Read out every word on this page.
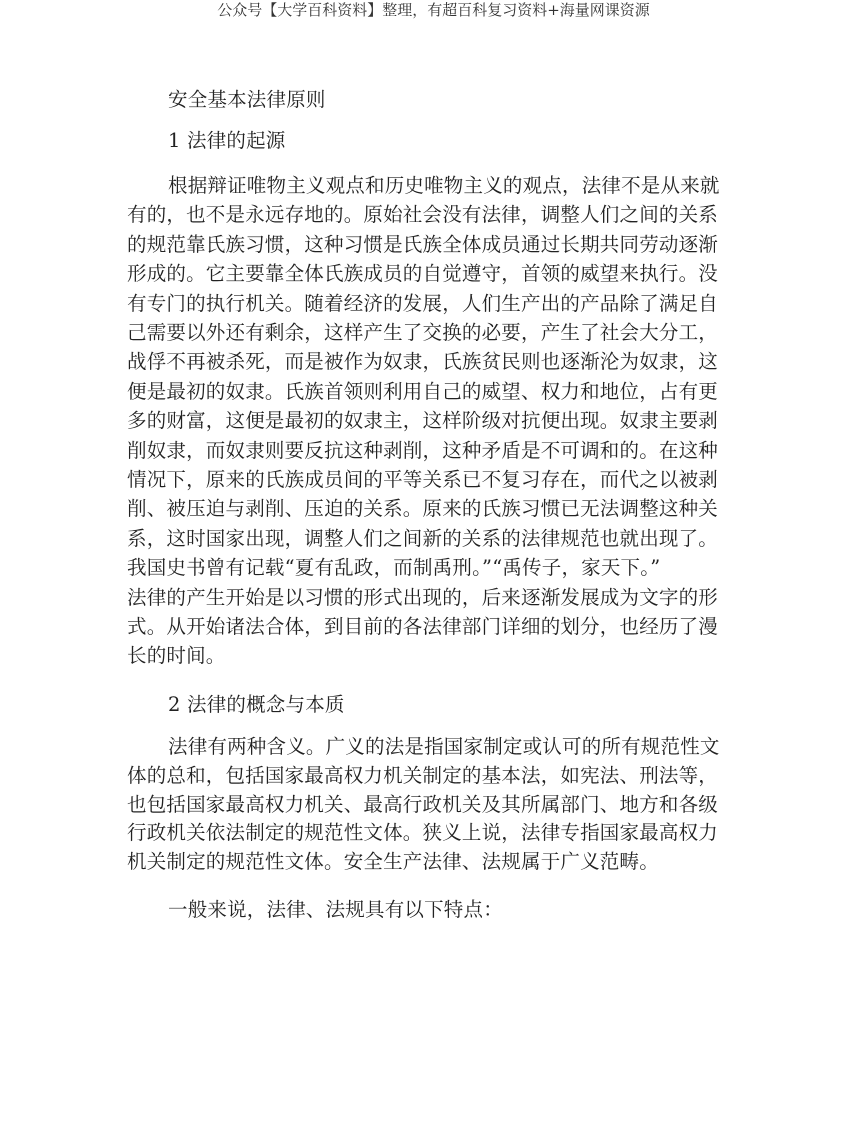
公众号【大学百科资料】整理，有超百科复习资料+海量网课资源
安全基本法律原则
1 法律的起源
根据辩证唯物主义观点和历史唯物主义的观点，法律不是从来就
有的，也不是永远存地的。原始社会没有法律，调整人们之间的关系
的规范靠氏族习惯，这种习惯是氏族全体成员通过长期共同劳动逐渐
形成的。它主要靠全体氏族成员的自觉遵守，首领的威望来执行。没
有专门的执行机关。随着经济的发展，人们生产出的产品除了满足自
己需要以外还有剩余，这样产生了交换的必要，产生了社会大分工，
战俘不再被杀死，而是被作为奴隶，氏族贫民则也逐渐沦为奴隶，这
便是最初的奴隶。氏族首领则利用自己的威望、权力和地位，占有更
多的财富，这便是最初的奴隶主，这样阶级对抗便出现。奴隶主要剥
削奴隶，而奴隶则要反抗这种剥削，这种矛盾是不可调和的。在这种
情况下，原来的氏族成员间的平等关系已不复习存在，而代之以被剥
削、被压迫与剥削、压迫的关系。原来的氏族习惯已无法调整这种关
系，这时国家出现，调整人们之间新的关系的法律规范也就出现了。
我国史书曾有记载“夏有乱政，而制禹刑。”“禹传子，家天下。”
法律的产生开始是以习惯的形式出现的，后来逐渐发展成为文字的形
式。从开始诸法合体，到目前的各法律部门详细的划分，也经历了漫
长的时间。
2 法律的概念与本质
法律有两种含义。广义的法是指国家制定或认可的所有规范性文
体的总和，包括国家最高权力机关制定的基本法，如宪法、刑法等，
也包括国家最高权力机关、最高行政机关及其所属部门、地方和各级
行政机关依法制定的规范性文体。狭义上说，法律专指国家最高权力
机关制定的规范性文体。安全生产法律、法规属于广义范畴。
一般来说，法律、法规具有以下特点：
